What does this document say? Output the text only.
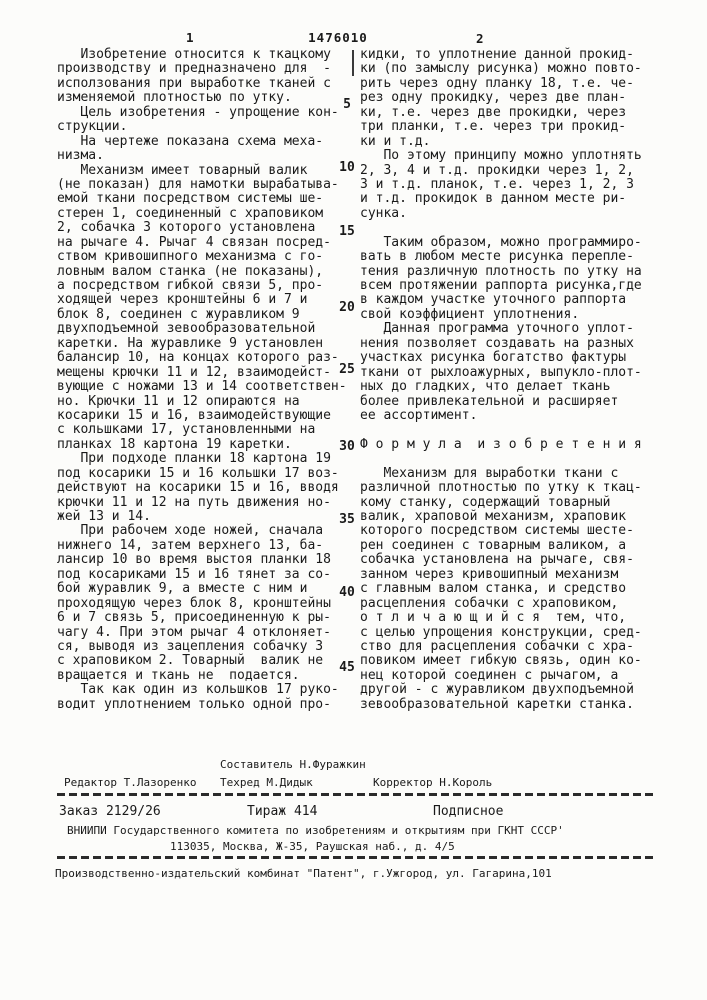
1	1476010	2
Изобретение относится к ткацкому
производству и предназначено для  -
исползования при выработке тканей с
изменяемой плотностью по утку.
Цель изобретения - упрощение кон-
струкции.
На чертеже показана схема меха-
низма.
Механизм имеет товарный валик
(не показан) для намотки вырабатыва-
емой ткани посредством системы ше-
стерен 1, соединенный с храповиком
2, собачка 3 которого установлена
на рычаге 4. Рычаг 4 связан посред-
ством кривошипного механизма с го-
ловным валом станка (не показаны),
а посредством гибкой связи 5, про-
ходящей через кронштейны 6 и 7 и
блок 8, соединен с журавликом 9
двухподъемной зевообразовательной
каретки. На журавлике 9 установлен
балансир 10, на концах которого раз-
мещены крючки 11 и 12, взаимодейст-
вующие с ножами 13 и 14 соответствен-
но. Крючки 11 и 12 опираются на
косарики 15 и 16, взаимодействующие
с кольшками 17, установленными на
планках 18 картона 19 каретки.
При подходе планки 18 картона 19
под косарики 15 и 16 кольшки 17 воз-
действуют на косарики 15 и 16, вводя
крючки 11 и 12 на путь движения но-
жей 13 и 14.
При рабочем ходе ножей, сначала
нижнего 14, затем верхнего 13, ба-
лансир 10 во время выстоя планки 18
под косариками 15 и 16 тянет за со-
бой журавлик 9, а вместе с ним и
проходящую через блок 8, кронштейны
6 и 7 связь 5, присоединенную к ры-
чагу 4. При этом рычаг 4 отклоняет-
ся, выводя из зацепления собачку 3
с храповиком 2. Товарный  валик не
вращается и ткань не  подается.
Так как один из кольшков 17 руко-
водит уплотнением только одной про-
кидки, то уплотнение данной прокид-
ки (по замыслу рисунка) можно повто-
рить через одну планку 18, т.е. че-
рез одну прокидку, через две план-
ки, т.е. через две прокидки, через
три планки, т.е. через три прокид-
ки и т.д.
По этому принципу можно уплотнять
2, 3, 4 и т.д. прокидки через 1, 2,
3 и т.д. планок, т.е. через 1, 2, 3
и т.д. прокидок в данном месте ри-
сунка.

Таким образом, можно программиро-
вать в любом месте рисунка перепле-
тения различную плотность по утку на
всем протяжении раппорта рисунка,где
в каждом участке уточного раппорта
свой коэффициент уплотнения.
Данная программа уточного уплот-
нения позволяет создавать на разных
участках рисунка богатство фактуры
ткани от рыхлоажурных, выпукло-плот-
ных до гладких, что делает ткань
более привлекательной и расширяет
ее ассортимент.

Ф о р м у л а  и з о б р е т е н и я

Механизм для выработки ткани с
различной плотностью по утку к ткац-
кому станку, содержащий товарный
валик, храповой механизм, храповик
которого посредством системы шесте-
рен соединен с товарным валиком, а
собачка установлена на рычаге, свя-
занном через кривошипный механизм
с главным валом станка, и средство
расцепления собачки с храповиком,
о т л и ч а ю щ и й с я  тем, что,
с целью упрощения конструкции, сред-
ство для расцепления собачки с хра-
повиком имеет гибкую связь, один ко-
нец которой соединен с рычагом, а
другой - с журавликом двухподъемной
зевообразовательной каретки станка.
5
10
15
20
25
30
35
40
45
Составитель Н.Фуражкин
Редактор Т.Лазоренко Техред М.Дидык	Корректор Н.Король
Заказ 2129/26	Тираж 414	Подписное
ВНИИПИ Государственного комитета по изобретениям и открытиям при ГКНТ СССР'
113035, Москва, Ж-35, Раушская наб., д. 4/5
Производственно-издательский комбинат "Патент", г.Ужгород, ул. Гагарина,101
